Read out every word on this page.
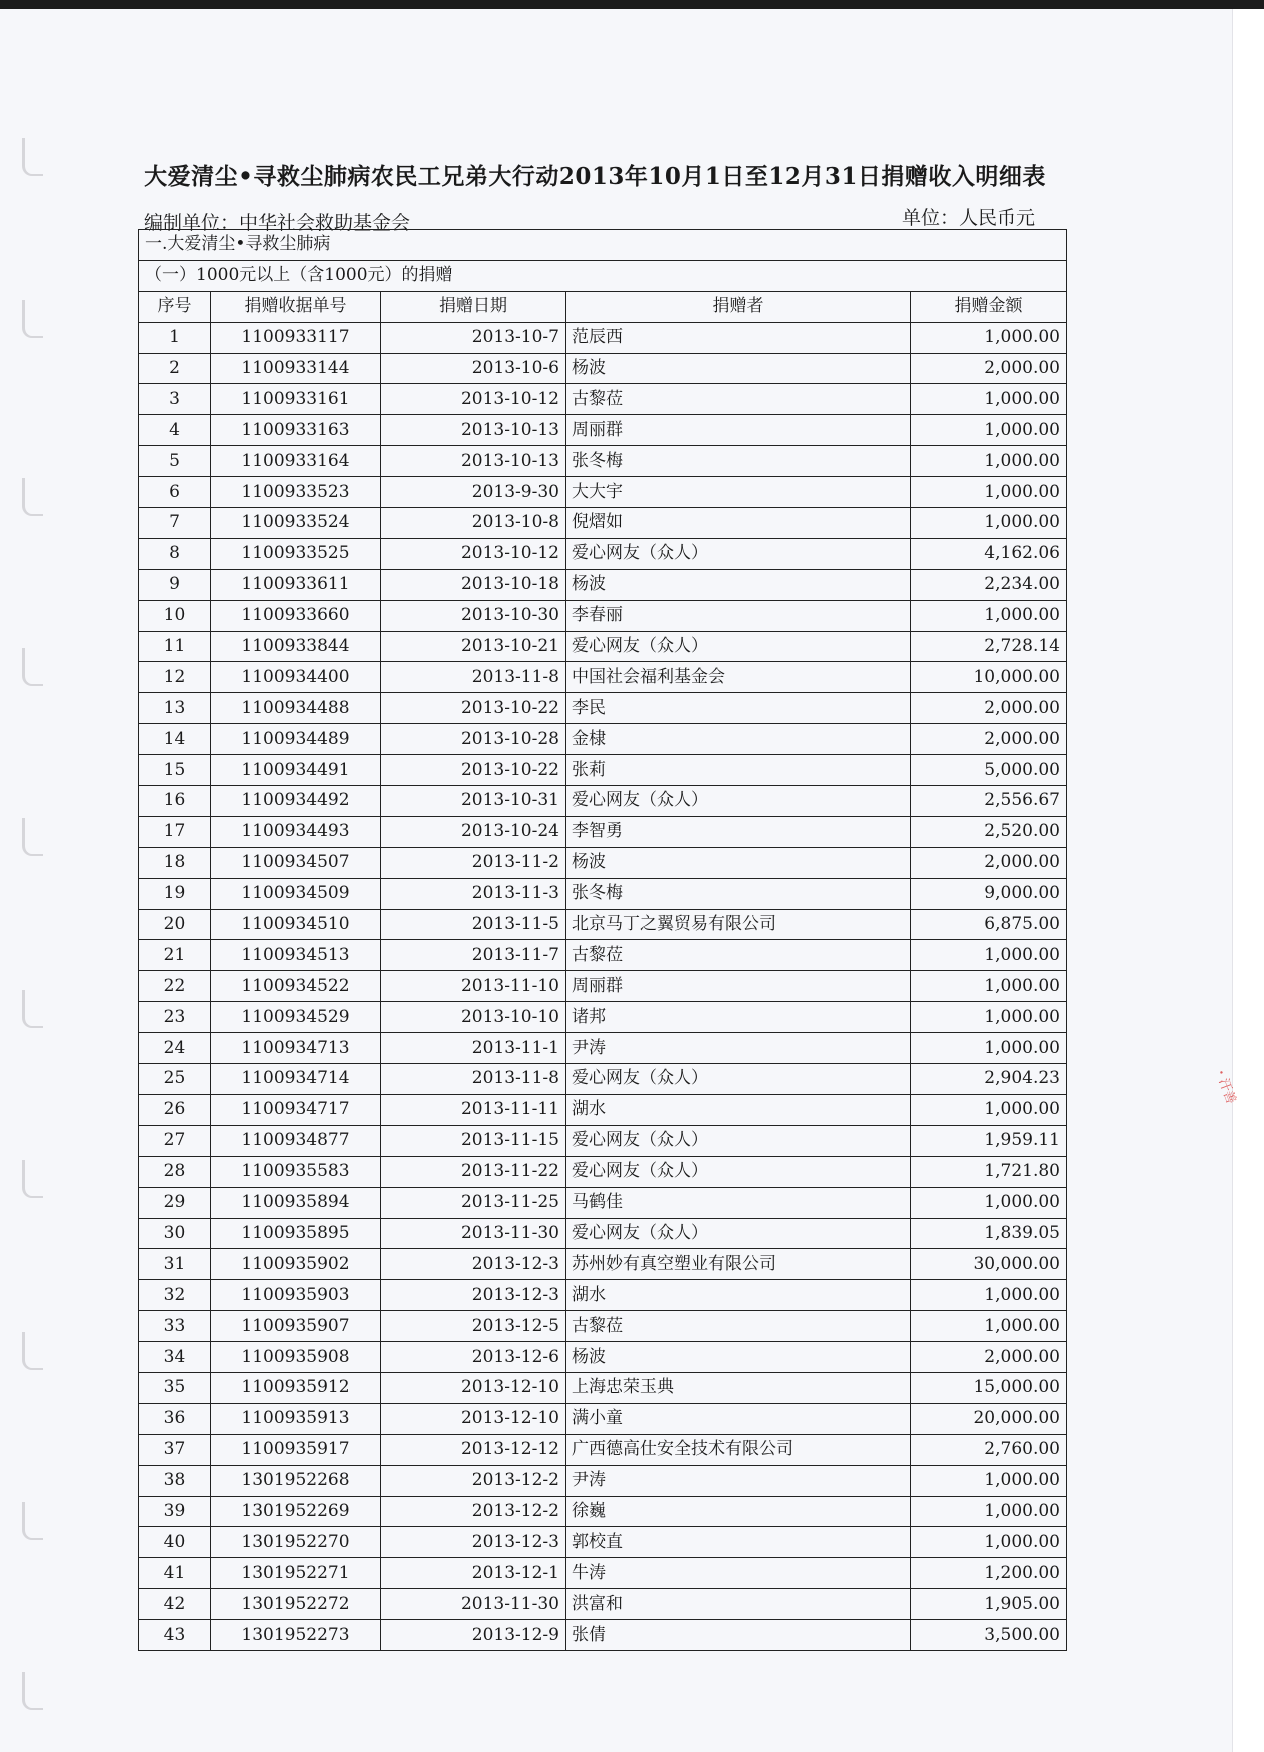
大爱清尘•寻救尘肺病农民工兄弟大行动2013年10月1日至12月31日捐赠收入明细表
编制单位：中华社会救助基金会	单位：人民币元
一.大爱清尘•寻救尘肺病				
（一）1000元以上（含1000元）的捐赠				
序号	捐赠收据单号	捐赠日期	捐赠者	捐赠金额
1	1100933117	2013-10-7	范辰西	1,000.00
2	1100933144	2013-10-6	杨波	2,000.00
3	1100933161	2013-10-12	古黎莅	1,000.00
4	1100933163	2013-10-13	周丽群	1,000.00
5	1100933164	2013-10-13	张冬梅	1,000.00
6	1100933523	2013-9-30	大大宇	1,000.00
7	1100933524	2013-10-8	倪熠如	1,000.00
8	1100933525	2013-10-12	爱心网友（众人）	4,162.06
9	1100933611	2013-10-18	杨波	2,234.00
10	1100933660	2013-10-30	李春丽	1,000.00
11	1100933844	2013-10-21	爱心网友（众人）	2,728.14
12	1100934400	2013-11-8	中国社会福利基金会	10,000.00
13	1100934488	2013-10-22	李民	2,000.00
14	1100934489	2013-10-28	金棣	2,000.00
15	1100934491	2013-10-22	张莉	5,000.00
16	1100934492	2013-10-31	爱心网友（众人）	2,556.67
17	1100934493	2013-10-24	李智勇	2,520.00
18	1100934507	2013-11-2	杨波	2,000.00
19	1100934509	2013-11-3	张冬梅	9,000.00
20	1100934510	2013-11-5	北京马丁之翼贸易有限公司	6,875.00
21	1100934513	2013-11-7	古黎莅	1,000.00
22	1100934522	2013-11-10	周丽群	1,000.00
23	1100934529	2013-10-10	诸邦	1,000.00
24	1100934713	2013-11-1	尹涛	1,000.00
25	1100934714	2013-11-8	爱心网友（众人）	2,904.23
26	1100934717	2013-11-11	湖水	1,000.00
27	1100934877	2013-11-15	爱心网友（众人）	1,959.11
28	1100935583	2013-11-22	爱心网友（众人）	1,721.80
29	1100935894	2013-11-25	马鹤佳	1,000.00
30	1100935895	2013-11-30	爱心网友（众人）	1,839.05
31	1100935902	2013-12-3	苏州妙有真空塑业有限公司	30,000.00
32	1100935903	2013-12-3	湖水	1,000.00
33	1100935907	2013-12-5	古黎莅	1,000.00
34	1100935908	2013-12-6	杨波	2,000.00
35	1100935912	2013-12-10	上海忠荣玉典	15,000.00
36	1100935913	2013-12-10	满小童	20,000.00
37	1100935917	2013-12-12	广西德高仕安全技术有限公司	2,760.00
38	1301952268	2013-12-2	尹涛	1,000.00
39	1301952269	2013-12-2	徐巍	1,000.00
40	1301952270	2013-12-3	郭校直	1,000.00
41	1301952271	2013-12-1	牛涛	1,200.00
42	1301952272	2013-11-30	洪富和	1,905.00
43	1301952273	2013-12-9	张倩	3,500.00
・汗善
